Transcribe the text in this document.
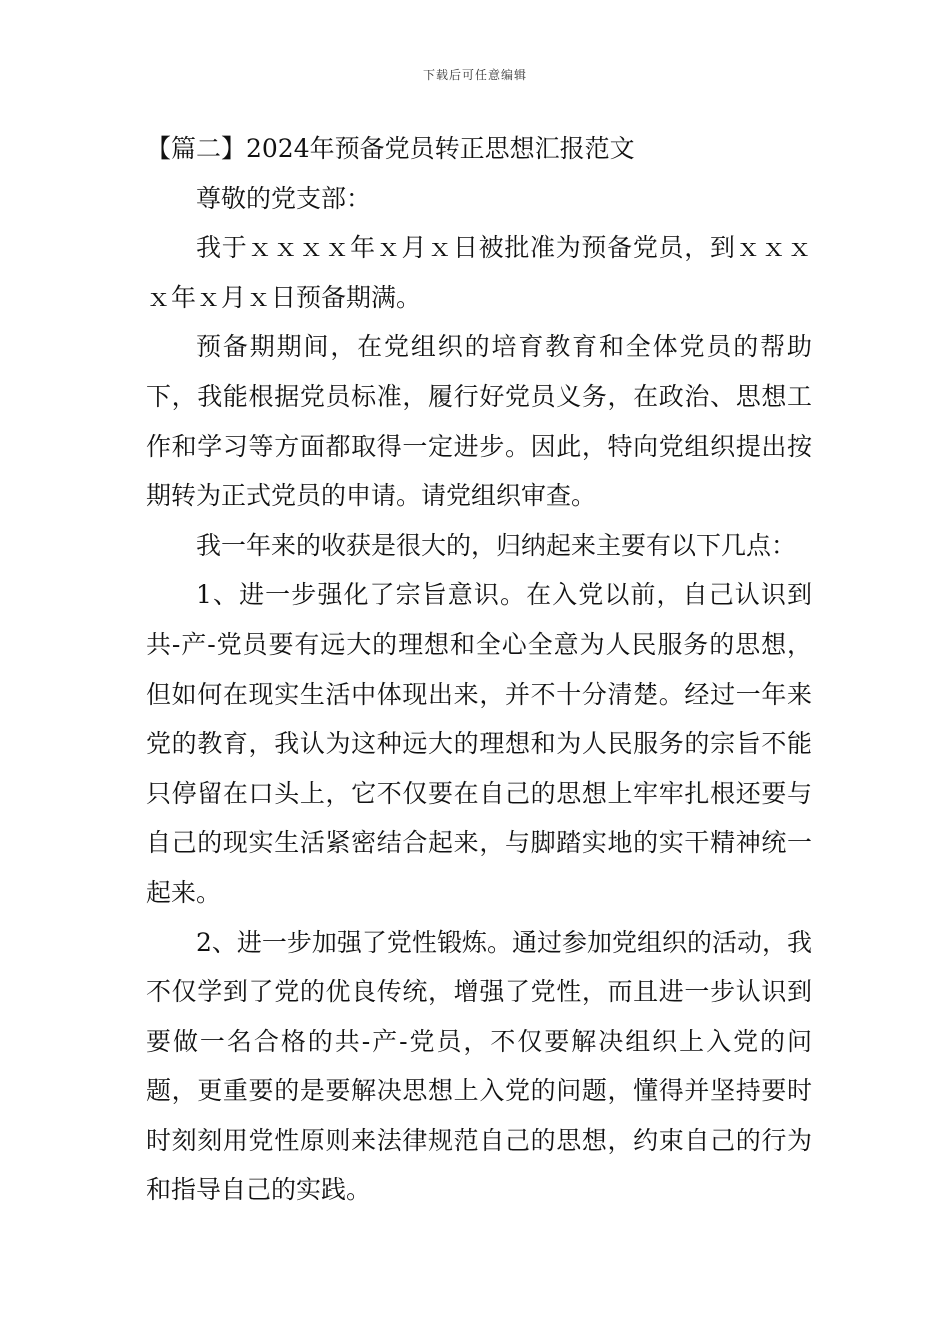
下载后可任意编辑

【篇二】2024年预备党员转正思想汇报范文

尊敬的党支部：

我于ｘｘｘｘ年ｘ月ｘ日被批准为预备党员，到ｘｘｘｘ年ｘ月ｘ日预备期满。

预备期期间，在党组织的培育教育和全体党员的帮助下，我能根据党员标准，履行好党员义务，在政治、思想工作和学习等方面都取得一定进步。因此，特向党组织提出按期转为正式党员的申请。请党组织审查。

我一年来的收获是很大的，归纳起来主要有以下几点：

1、进一步强化了宗旨意识。在入党以前，自己认识到共-产-党员要有远大的理想和全心全意为人民服务的思想，但如何在现实生活中体现出来，并不十分清楚。经过一年来党的教育，我认为这种远大的理想和为人民服务的宗旨不能只停留在口头上，它不仅要在自己的思想上牢牢扎根还要与自己的现实生活紧密结合起来，与脚踏实地的实干精神统一起来。

2、进一步加强了党性锻炼。通过参加党组织的活动，我不仅学到了党的优良传统，增强了党性，而且进一步认识到要做一名合格的共-产-党员，不仅要解决组织上入党的问题，更重要的是要解决思想上入党的问题，懂得并坚持要时时刻刻用党性原则来法律规范自己的思想，约束自己的行为和指导自己的实践。
